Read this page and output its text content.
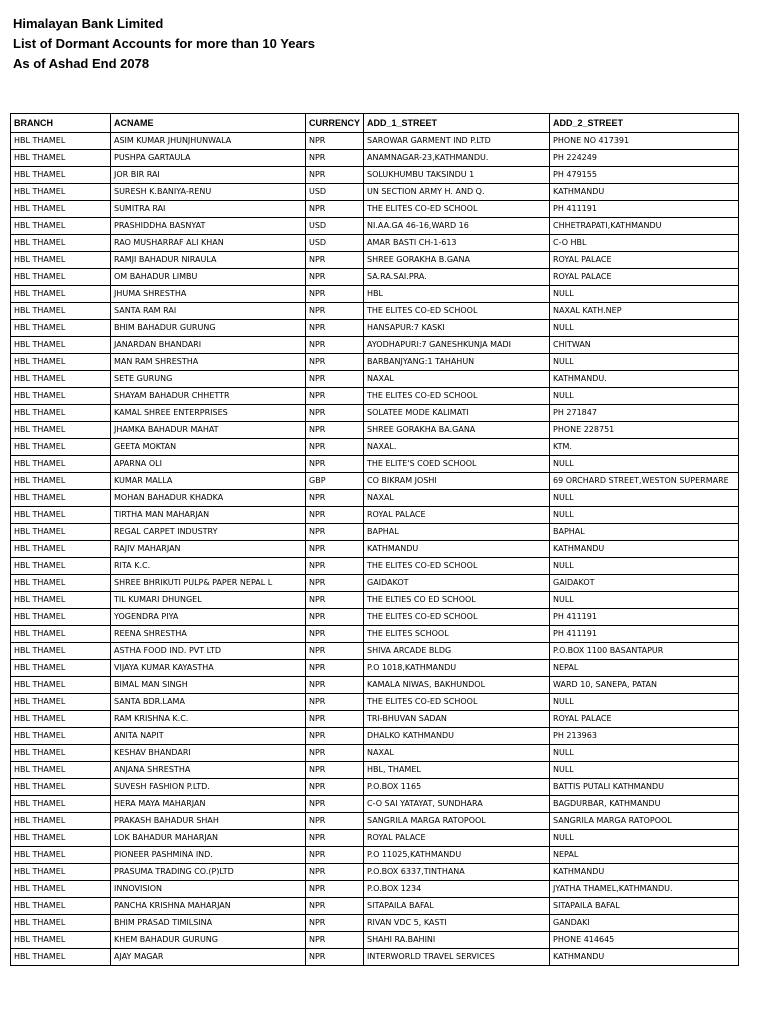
Himalayan Bank Limited
List of Dormant Accounts for more than 10 Years
As of Ashad End 2078
BRANCH	ACNAME	CURRENCY	ADD_1_STREET	ADD_2_STREET
HBL THAMEL	ASIM KUMAR JHUNJHUNWALA	NPR	SAROWAR GARMENT IND P.LTD	PHONE NO 417391
HBL THAMEL	PUSHPA GARTAULA	NPR	ANAMNAGAR-23,KATHMANDU.	PH 224249
HBL THAMEL	JOR BIR RAI	NPR	SOLUKHUMBU TAKSINDU 1	PH 479155
HBL THAMEL	SURESH K.BANIYA-RENU	USD	UN SECTION ARMY H. AND Q.	KATHMANDU
HBL THAMEL	SUMITRA RAI	NPR	THE ELITES CO-ED SCHOOL	PH 411191
HBL THAMEL	PRASHIDDHA BASNYAT	USD	NI.AA.GA 46-16,WARD 16	CHHETRAPATI,KATHMANDU
HBL THAMEL	RAO MUSHARRAF ALI KHAN	USD	AMAR BASTI CH-1-613	C-O HBL
HBL THAMEL	RAMJI BAHADUR NIRAULA	NPR	SHREE GORAKHA B.GANA	ROYAL PALACE
HBL THAMEL	OM BAHADUR LIMBU	NPR	SA.RA.SAI.PRA.	ROYAL PALACE
HBL THAMEL	JHUMA SHRESTHA	NPR	HBL	NULL
HBL THAMEL	SANTA RAM RAI	NPR	THE ELITES CO-ED SCHOOL	NAXAL KATH.NEP
HBL THAMEL	BHIM BAHADUR GURUNG	NPR	HANSAPUR:7 KASKI	NULL
HBL THAMEL	JANARDAN BHANDARI	NPR	AYODHAPURI:7 GANESHKUNJA MADI	CHITWAN
HBL THAMEL	MAN RAM SHRESTHA	NPR	BARBANJYANG:1 TAHAHUN	NULL
HBL THAMEL	SETE GURUNG	NPR	NAXAL	KATHMANDU.
HBL THAMEL	SHAYAM BAHADUR CHHETTR	NPR	THE ELITES CO-ED SCHOOL	NULL
HBL THAMEL	KAMAL SHREE ENTERPRISES	NPR	SOLATEE MODE KALIMATI	PH 271847
HBL THAMEL	JHAMKA BAHADUR MAHAT	NPR	SHREE GORAKHA BA.GANA	PHONE 228751
HBL THAMEL	GEETA MOKTAN	NPR	NAXAL.	KTM.
HBL THAMEL	APARNA OLI	NPR	THE ELITE'S COED SCHOOL	NULL
HBL THAMEL	KUMAR MALLA	GBP	CO BIKRAM JOSHI	69 ORCHARD STREET,WESTON SUPERMARE
HBL THAMEL	MOHAN BAHADUR KHADKA	NPR	NAXAL	NULL
HBL THAMEL	TIRTHA MAN MAHARJAN	NPR	ROYAL PALACE	NULL
HBL THAMEL	REGAL CARPET INDUSTRY	NPR	BAPHAL	BAPHAL
HBL THAMEL	RAJIV MAHARJAN	NPR	KATHMANDU	KATHMANDU
HBL THAMEL	RITA K.C.	NPR	THE ELITES CO-ED SCHOOL	NULL
HBL THAMEL	SHREE BHRIKUTI PULP& PAPER NEPAL L	NPR	GAIDAKOT	GAIDAKOT
HBL THAMEL	TIL KUMARI DHUNGEL	NPR	THE ELTIES CO ED SCHOOL	NULL
HBL THAMEL	YOGENDRA PIYA	NPR	THE ELITES CO-ED SCHOOL	PH 411191
HBL THAMEL	REENA SHRESTHA	NPR	THE ELITES SCHOOL	PH 411191
HBL THAMEL	ASTHA FOOD IND. PVT LTD	NPR	SHIVA ARCADE BLDG	P.O.BOX 1100 BASANTAPUR
HBL THAMEL	VIJAYA KUMAR KAYASTHA	NPR	P.O 1018,KATHMANDU	NEPAL
HBL THAMEL	BIMAL MAN SINGH	NPR	KAMALA NIWAS, BAKHUNDOL	WARD 10, SANEPA, PATAN
HBL THAMEL	SANTA BDR.LAMA	NPR	THE ELITES CO-ED SCHOOL	NULL
HBL THAMEL	RAM KRISHNA K.C.	NPR	TRI-BHUVAN SADAN	ROYAL PALACE
HBL THAMEL	ANITA NAPIT	NPR	DHALKO KATHMANDU	PH 213963
HBL THAMEL	KESHAV BHANDARI	NPR	NAXAL	NULL
HBL THAMEL	ANJANA SHRESTHA	NPR	HBL, THAMEL	NULL
HBL THAMEL	SUVESH FASHION P.LTD.	NPR	P.O.BOX 1165	BATTIS PUTALI KATHMANDU
HBL THAMEL	HERA MAYA MAHARJAN	NPR	C-O SAI YATAYAT, SUNDHARA	BAGDURBAR, KATHMANDU
HBL THAMEL	PRAKASH BAHADUR SHAH	NPR	SANGRILA MARGA RATOPOOL	SANGRILA MARGA RATOPOOL
HBL THAMEL	LOK BAHADUR MAHARJAN	NPR	ROYAL PALACE	NULL
HBL THAMEL	PIONEER PASHMINA IND.	NPR	P.O 11025,KATHMANDU	NEPAL
HBL THAMEL	PRASUMA TRADING CO.(P)LTD	NPR	P.O.BOX 6337,TINTHANA	KATHMANDU
HBL THAMEL	INNOVISION	NPR	P.O.BOX 1234	JYATHA THAMEL,KATHMANDU.
HBL THAMEL	PANCHA KRISHNA MAHARJAN	NPR	SITAPAILA BAFAL	SITAPAILA BAFAL
HBL THAMEL	BHIM PRASAD TIMILSINA	NPR	RIVAN VDC 5, KASTI	GANDAKI
HBL THAMEL	KHEM BAHADUR GURUNG	NPR	SHAHI RA.BAHINI	PHONE 414645
HBL THAMEL	AJAY MAGAR	NPR	INTERWORLD TRAVEL SERVICES	KATHMANDU
